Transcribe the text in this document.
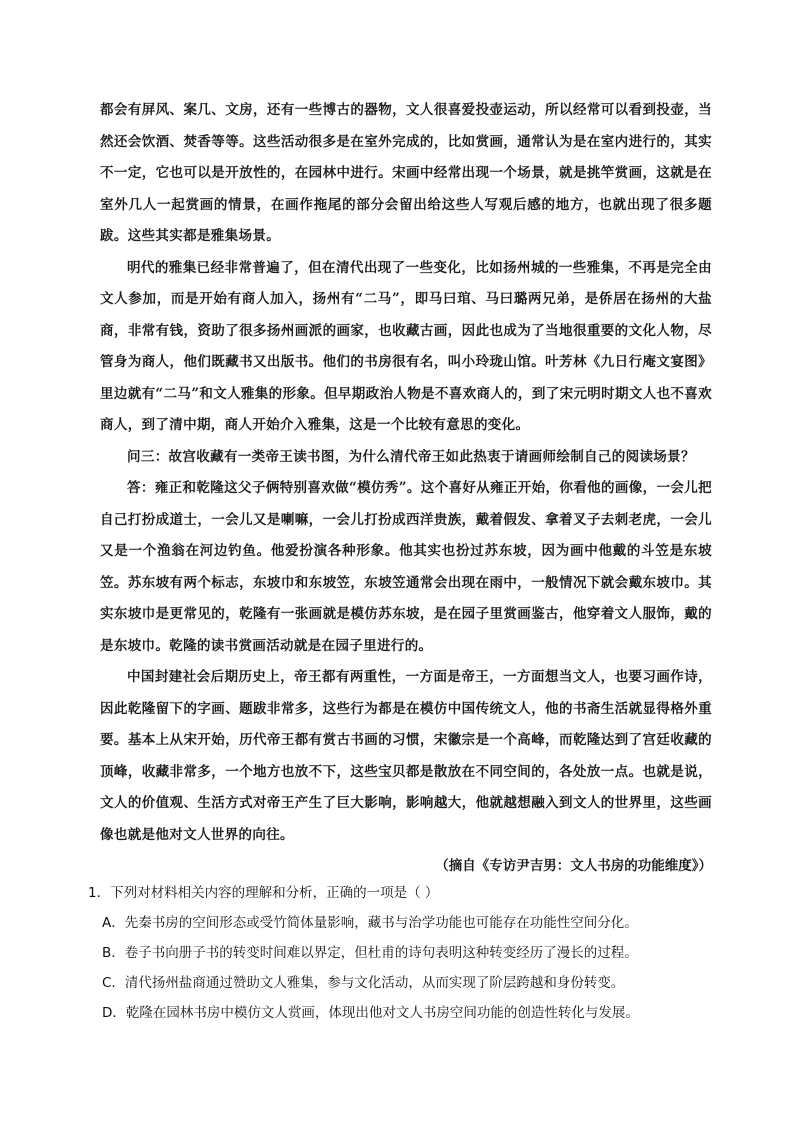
都会有屏风、案几、文房，还有一些博古的器物，文人很喜爱投壶运动，所以经常可以看到投壶，当然还会饮酒、焚香等等。这些活动很多是在室外完成的，比如赏画，通常认为是在室内进行的，其实不一定，它也可以是开放性的，在园林中进行。宋画中经常出现一个场景，就是挑竿赏画，这就是在室外几人一起赏画的情景，在画作拖尾的部分会留出给这些人写观后感的地方，也就出现了很多题跋。这些其实都是雅集场景。

明代的雅集已经非常普遍了，但在清代出现了一些变化，比如扬州城的一些雅集，不再是完全由文人参加，而是开始有商人加入，扬州有“二马”，即马曰琯、马曰璐两兄弟，是侨居在扬州的大盐商，非常有钱，资助了很多扬州画派的画家，也收藏古画，因此也成为了当地很重要的文化人物，尽管身为商人，他们既藏书又出版书。他们的书房很有名，叫小玲珑山馆。叶芳林《九日行庵文宴图》里边就有“二马”和文人雅集的形象。但早期政治人物是不喜欢商人的，到了宋元明时期文人也不喜欢商人，到了清中期，商人开始介入雅集，这是一个比较有意思的变化。

问三：故宫收藏有一类帝王读书图，为什么清代帝王如此热衷于请画师绘制自己的阅读场景？

答：雍正和乾隆这父子俩特别喜欢做“模仿秀”。这个喜好从雍正开始，你看他的画像，一会儿把自己打扮成道士，一会儿又是喇嘛，一会儿打扮成西洋贵族，戴着假发、拿着叉子去刺老虎，一会儿又是一个渔翁在河边钓鱼。他爱扮演各种形象。他其实也扮过苏东坡，因为画中他戴的斗笠是东坡笠。苏东坡有两个标志，东坡巾和东坡笠，东坡笠通常会出现在雨中，一般情况下就会戴东坡巾。其实东坡巾是更常见的，乾隆有一张画就是模仿苏东坡，是在园子里赏画鉴古，他穿着文人服饰，戴的是东坡巾。乾隆的读书赏画活动就是在园子里进行的。

中国封建社会后期历史上，帝王都有两重性，一方面是帝王，一方面想当文人，也要习画作诗，因此乾隆留下的字画、题跋非常多，这些行为都是在模仿中国传统文人，他的书斋生活就显得格外重要。基本上从宋开始，历代帝王都有赏古书画的习惯，宋徽宗是一个高峰，而乾隆达到了宫廷收藏的顶峰，收藏非常多，一个地方也放不下，这些宝贝都是散放在不同空间的，各处放一点。也就是说，文人的价值观、生活方式对帝王产生了巨大影响，影响越大，他就越想融入到文人的世界里，这些画像也就是他对文人世界的向往。

（摘自《专访尹吉男：文人书房的功能维度》）

1．下列对材料相关内容的理解和分析，正确的一项是（ ）

A．先秦书房的空间形态或受竹简体量影响，藏书与治学功能也可能存在功能性空间分化。

B．卷子书向册子书的转变时间难以界定，但杜甫的诗句表明这种转变经历了漫长的过程。

C．清代扬州盐商通过赞助文人雅集，参与文化活动，从而实现了阶层跨越和身份转变。

D．乾隆在园林书房中模仿文人赏画，体现出他对文人书房空间功能的创造性转化与发展。
